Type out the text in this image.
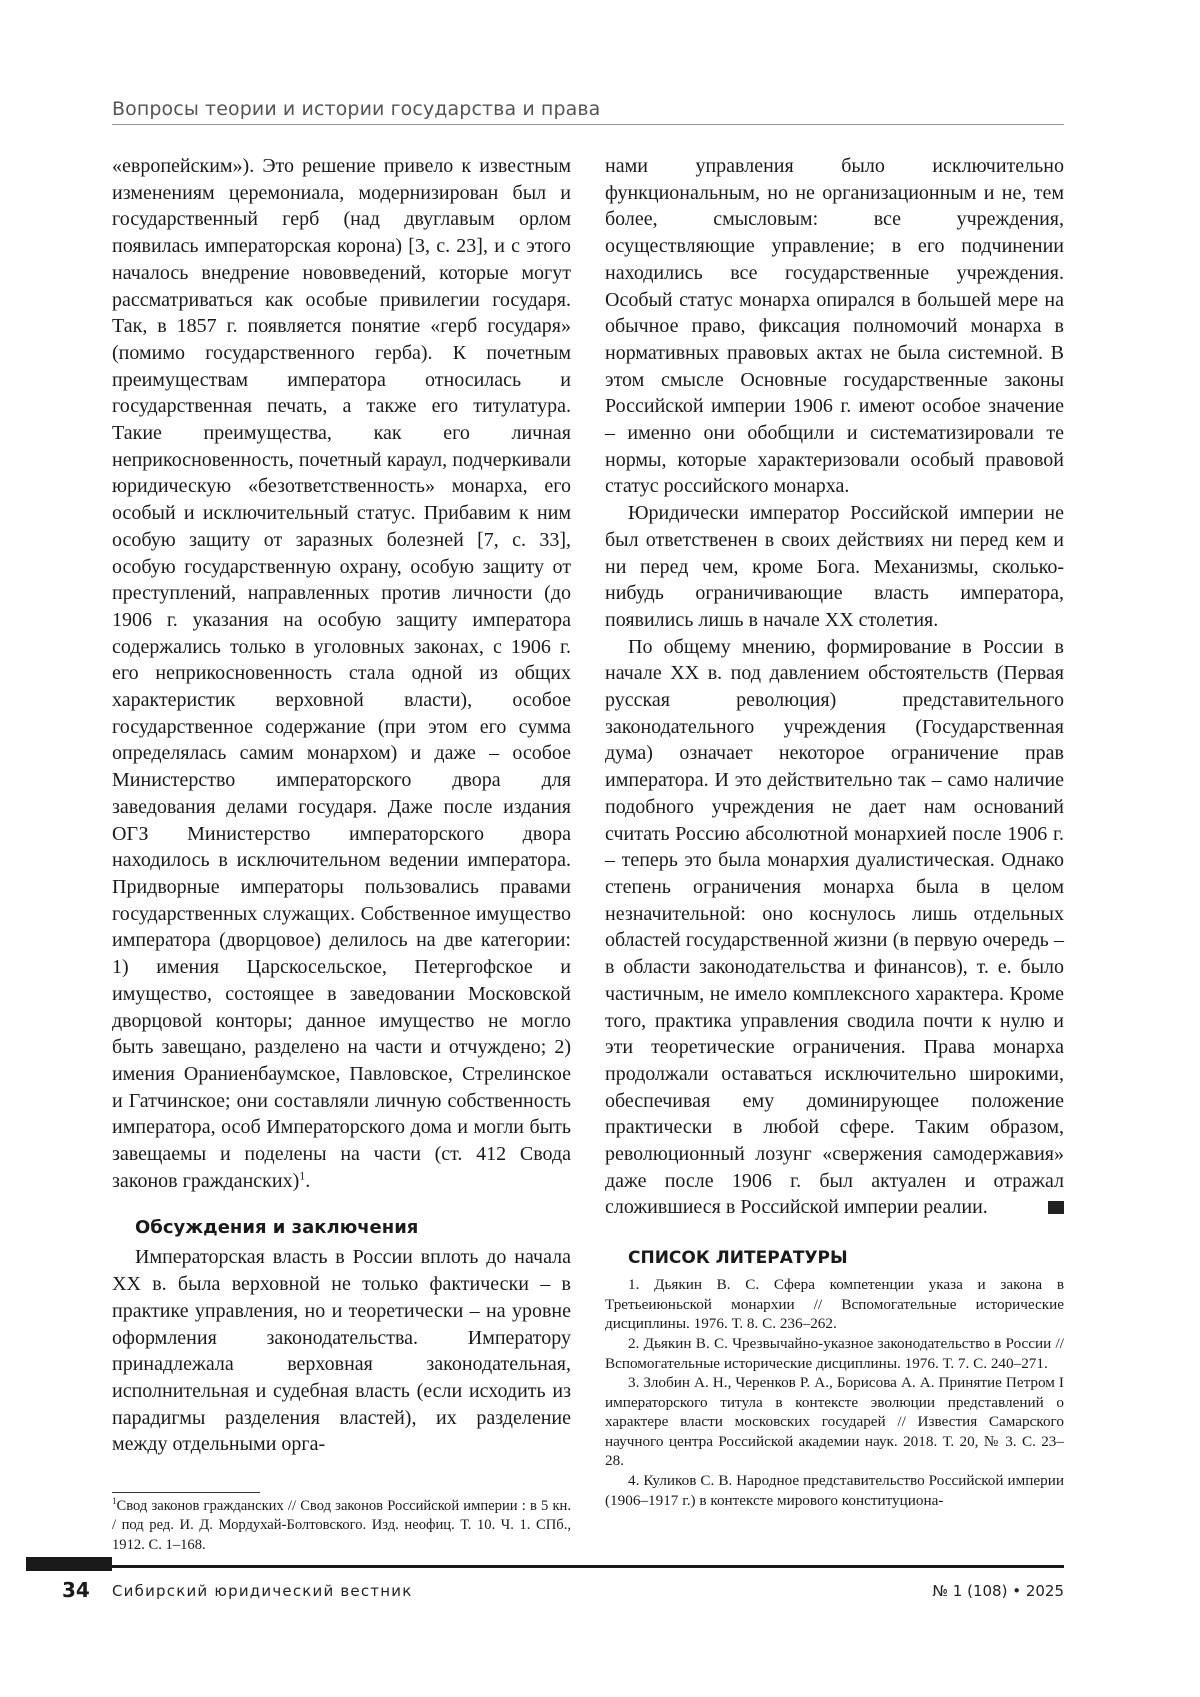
Вопросы теории и истории государства и права

«европейским»). Это решение привело к известным изменениям церемониала, модернизирован был и государственный герб (над двуглавым орлом появилась императорская корона) [3, с. 23], и с этого началось внедрение нововведений, которые могут рассматриваться как особые привилегии государя. Так, в 1857 г. появляется понятие «герб государя» (помимо государственного герба). К почетным преимуществам императора относилась и государственная печать, а также его титулатура. Такие преимущества, как его личная неприкосновенность, почетный караул, подчеркивали юридическую «безответственность» монарха, его особый и исключительный статус. Прибавим к ним особую защиту от заразных болезней [7, с. 33], особую государственную охрану, особую защиту от преступлений, направленных против личности (до 1906 г. указания на особую защиту императора содержались только в уголовных законах, с 1906 г. его неприкосновенность стала одной из общих характеристик верховной власти), особое государственное содержание (при этом его сумма определялась самим монархом) и даже – особое Министерство императорского двора для заведования делами государя. Даже после издания ОГЗ Министерство императорского двора находилось в исключительном ведении императора. Придворные императоры пользовались правами государственных служащих. Собственное имущество императора (дворцовое) делилось на две категории: 1) имения Царскосельское, Петергофское и имущество, состоящее в заведовании Московской дворцовой конторы; данное имущество не могло быть завещано, разделено на части и отчуждено; 2) имения Ораниенбаумское, Павловское, Стрелинское и Гатчинское; они составляли личную собственность императора, особ Императорского дома и могли быть завещаемы и поделены на части (ст. 412 Свода законов гражданских)$^1$.

Обсуждения и заключения

Императорская власть в России вплоть до начала XX в. была верховной не только фактически – в практике управления, но и теоретически – на уровне оформления законодательства. Императору принадлежала верховная законодательная, исполнительная и судебная власть (если исходить из парадигмы разделения властей), их разделение между отдельными орга-

нами управления было исключительно функциональным, но не организационным и не, тем более, смысловым: все учреждения, осуществляющие управление; в его подчинении находились все государственные учреждения. Особый статус монарха опирался в большей мере на обычное право, фиксация полномочий монарха в нормативных правовых актах не была системной. В этом смысле Основные государственные законы Российской империи 1906 г. имеют особое значение – именно они обобщили и систематизировали те нормы, которые характеризовали особый правовой статус российского монарха.

Юридически император Российской империи не был ответственен в своих действиях ни перед кем и ни перед чем, кроме Бога. Механизмы, сколько-нибудь ограничивающие власть императора, появились лишь в начале XX столетия.

По общему мнению, формирование в России в начале XX в. под давлением обстоятельств (Первая русская революция) представительного законодательного учреждения (Государственная дума) означает некоторое ограничение прав императора. И это действительно так – само наличие подобного учреждения не дает нам оснований считать Россию абсолютной монархией после 1906 г. – теперь это была монархия дуалистическая. Однако степень ограничения монарха была в целом незначительной: оно коснулось лишь отдельных областей государственной жизни (в первую очередь – в области законодательства и финансов), т. е. было частичным, не имело комплексного характера. Кроме того, практика управления сводила почти к нулю и эти теоретические ограничения. Права монарха продолжали оставаться исключительно широкими, обеспечивая ему доминирующее положение практически в любой сфере. Таким образом, революционный лозунг «свержения самодержавия» даже после 1906 г. был актуален и отражал сложившиеся в Российской империи реалии.	ꙮꙮ

СПИСОК ЛИТЕРАТУРЫ

1. Дьякин В. С. Сфера компетенции указа и закона в Третьеиюньской монархии // Вспомогательные исторические дисциплины. 1976. Т. 8. С. 236–262.

2. Дьякин В. С. Чрезвычайно-указное законодательство в России // Вспомогательные исторические дисциплины. 1976. Т. 7. С. 240–271.

3. Злобин А. Н., Черенков Р. А., Борисова А. А. Принятие Петром I императорского титула в контексте эволюции представлений о характере власти московских государей // Известия Самарского научного центра Российской академии наук. 2018. Т. 20, № 3. С. 23–28.

4. Куликов С. В. Народное представительство Российской империи (1906–1917 г.) в контексте мирового конституциона-

$^1$Свод законов гражданских // Свод законов Российской империи : в 5 кн. / под ред. И. Д. Мордухай-Болтовского. Изд. неофиц. Т. 10. Ч. 1. СПб., 1912. С. 1–168.
34 Сибирский юридический вестник	№ 1 (108) • 2025
